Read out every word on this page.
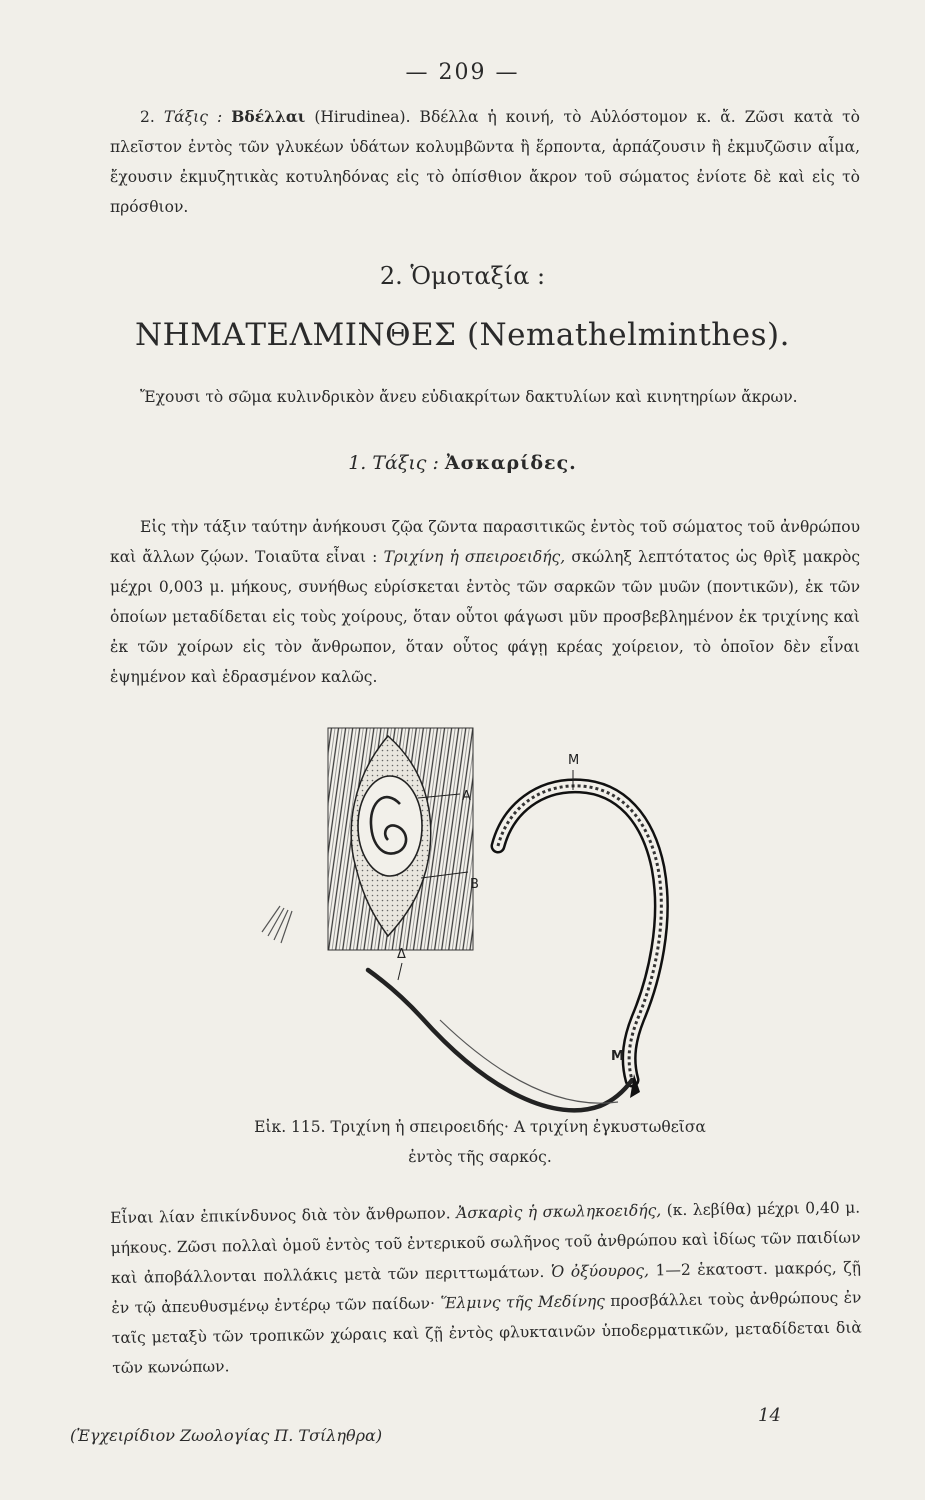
— 209 —
2. Τάξις : Βδέλλαι (Hirudinea). Βδέλλα ἡ κοινή, τὸ Αὐλόστομον κ. ἄ. Ζῶσι κατὰ τὸ πλεῖστον ἐντὸς τῶν γλυκέων ὑδάτων κολυμβῶντα ἢ ἕρποντα, ἁρπάζουσιν ἢ ἐκμυζῶσιν αἷμα, ἔχουσιν ἐκμυζητικὰς κοτυληδόνας εἰς τὸ ὀπίσθιον ἄκρον τοῦ σώματος ἐνίοτε δὲ καὶ εἰς τὸ πρόσθιον.
2. Ὁμοταξία :
ΝΗΜΑΤΕΛΜΙΝΘΕΣ (Nemathelminthes).
Ἔχουσι τὸ σῶμα κυλινδρικὸν ἄνευ εὐδιακρίτων δακτυλίων καὶ κινητηρίων ἄκρων.
1. Τάξις : Ἀσκαρίδες.
Εἰς τὴν τάξιν ταύτην ἀνήκουσι ζῷα ζῶντα παρασιτικῶς ἐντὸς τοῦ σώματος τοῦ ἀνθρώπου καὶ ἄλλων ζῴων. Τοιαῦτα εἶναι : Τριχίνη ἡ σπειροειδής, σκώληξ λεπτότατος ὡς θρὶξ μακρὸς μέχρι 0,003 μ. μήκους, συνήθως εὑρίσκεται ἐντὸς τῶν σαρκῶν τῶν μυῶν (ποντικῶν), ἐκ τῶν ὁποίων μεταδίδεται εἰς τοὺς χοίρους, ὅταν οὗτοι φάγωσι μῦν προσβεβλημένον ἐκ τριχίνης καὶ ἐκ τῶν χοίρων εἰς τὸν ἄνθρωπον, ὅταν οὗτος φάγῃ κρέας χοίρειον, τὸ ὁποῖον δὲν εἶναι ἑψημένον καὶ ἑδρασμένον καλῶς.
A
B
M
Δ
M
Εἰκ. 115. Τριχίνη ἡ σπειροειδής· Α τριχίνη ἐγκυστωθεῖσα
ἐντὸς τῆς σαρκός.
Εἶναι λίαν ἐπικίνδυνος διὰ τὸν ἄνθρωπον. Ἀσκαρὶς ἡ σκωληκοειδής, (κ. λεβίθα) μέχρι 0,40 μ. μήκους. Ζῶσι πολλαὶ ὁμοῦ ἐντὸς τοῦ ἐντερικοῦ σωλῆνος τοῦ ἀνθρώπου καὶ ἰδίως τῶν παιδίων καὶ ἀποβάλλονται πολλάκις μετὰ τῶν περιττωμάτων. Ὁ ὀξύουρος, 1—2 ἑκατοστ. μακρός, ζῇ ἐν τῷ ἀπευθυσμένῳ ἐντέρῳ τῶν παίδων· Ἕλμινς τῆς Μεδίνης προσβάλλει τοὺς ἀνθρώπους ἐν ταῖς μεταξὺ τῶν τροπικῶν χώραις καὶ ζῇ ἐντὸς φλυκταινῶν ὑποδερματικῶν, μεταδίδεται διὰ τῶν κωνώπων.
(Ἐγχειρίδιον Ζωολογίας Π. Τσίληθρα)
14
